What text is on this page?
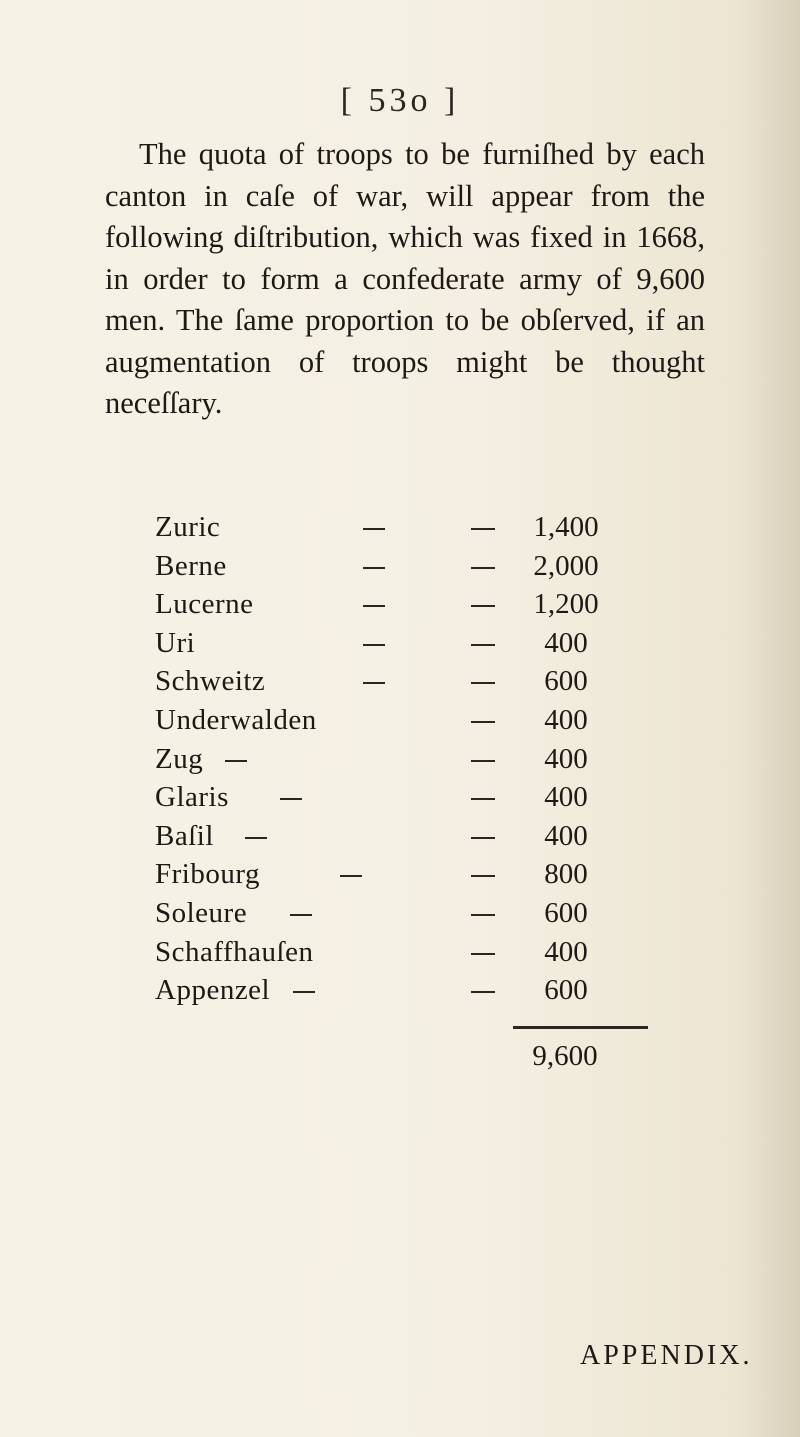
[ 53o ]

The quota of troops to be furniſhed by each canton in caſe of war, will appear from the following diſtribution, which was fixed in 1668, in order to form a confederate army of 9,600 men. The ſame proportion to be obſerved, if an augmentation of troops might be thought neceſſary.

Zuric	1,400
Berne	2,000
Lucerne	1,200
Uri	400
Schweitz	600
Underwalden	400
Zug	400
Glaris	400
Baſil	400
Fribourg	800
Soleure	600
Schaffhauſen	400
Appenzel	600
9,600
APPENDIX.
